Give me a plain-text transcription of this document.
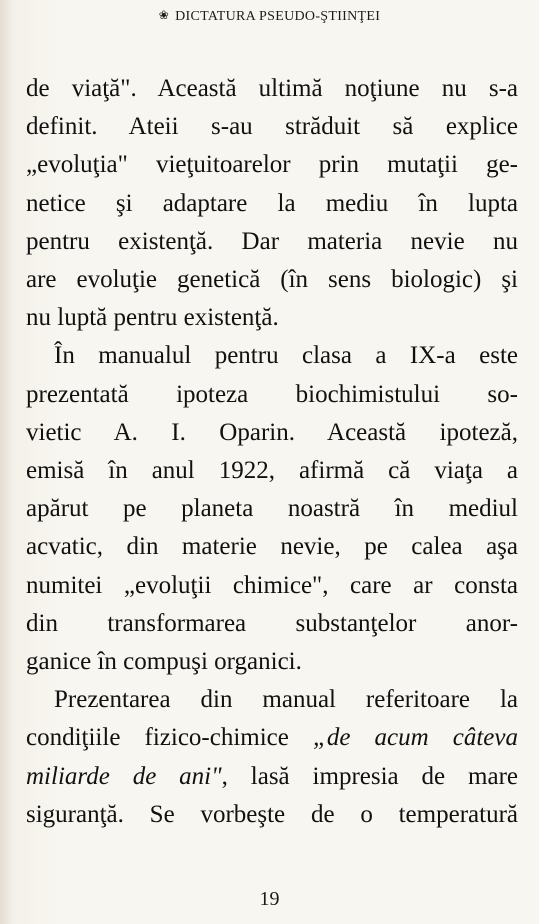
❀ DICTATURA PSEUDO-ŞTIINŢEI
de viaţă". Această ultimă noţiune nu s-a
definit. Ateii s-au străduit să explice
„evoluţia" vieţuitoarelor prin mutaţii ge-
netice şi adaptare la mediu în lupta
pentru existenţă. Dar materia nevie nu
are evoluţie genetică (în sens biologic) şi
nu luptă pentru existenţă.
În manualul pentru clasa a IX-a este
prezentată ipoteza biochimistului so-
vietic A. I. Oparin. Această ipoteză,
emisă în anul 1922, afirmă că viaţa a
apărut pe planeta noastră în mediul
acvatic, din materie nevie, pe calea aşa
numitei „evoluţii chimice", care ar consta
din transformarea substanţelor anor-
ganice în compuşi organici.
Prezentarea din manual referitoare la
condiţiile fizico-chimice „de acum câteva
miliarde de ani", lasă impresia de mare
siguranţă. Se vorbeşte de o temperatură
19
